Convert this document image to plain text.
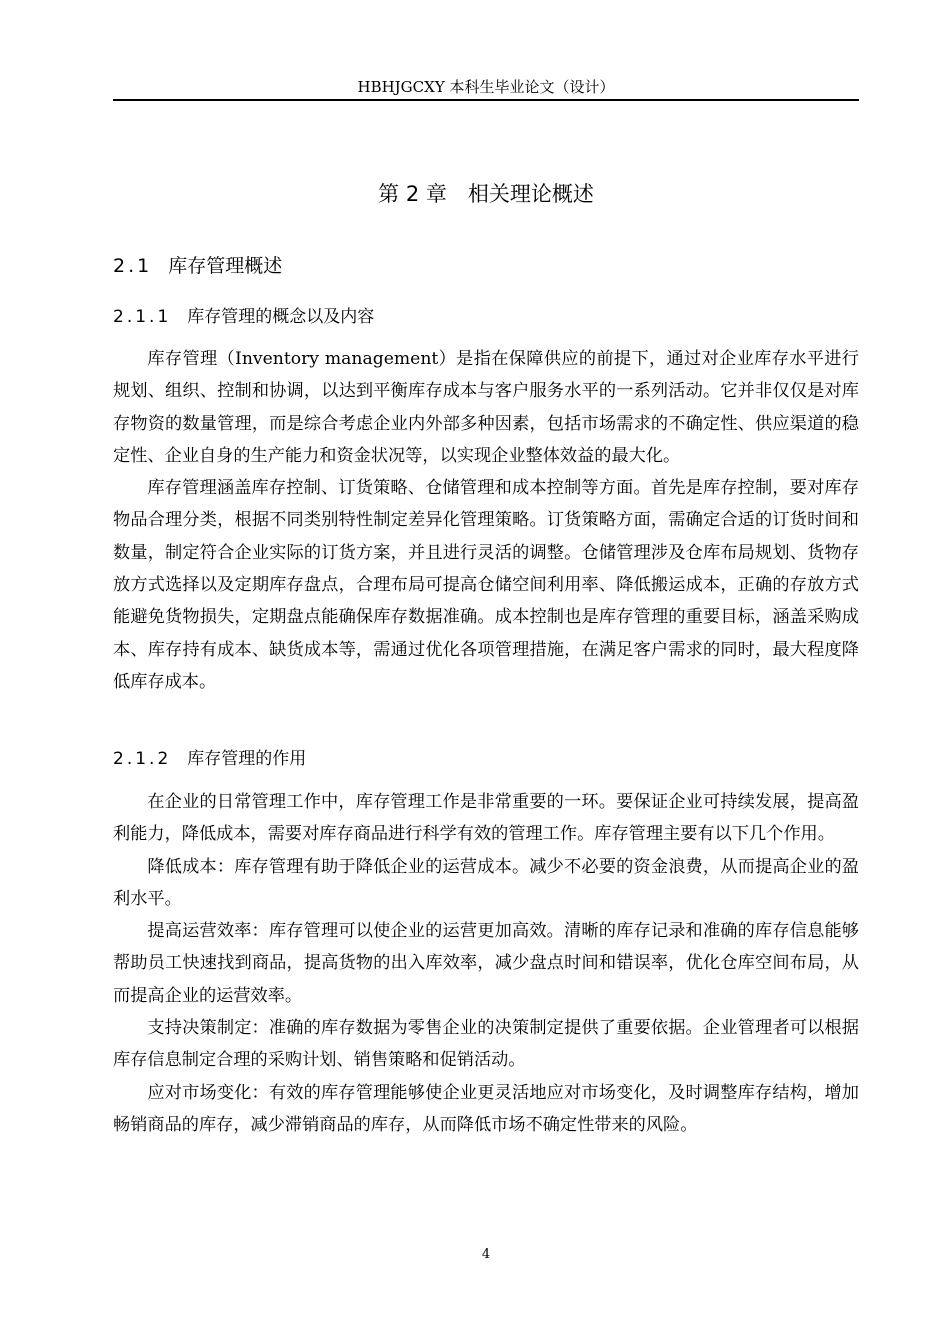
HBHJGCXY 本科生毕业论文（设计）
第 2 章　相关理论概述
2.1 库存管理概述
2.1.1 库存管理的概念以及内容

库存管理（Inventory management）是指在保障供应的前提下，通过对企业库存水平进行规划、组织、控制和协调，以达到平衡库存成本与客户服务水平的一系列活动。它并非仅仅是对库存物资的数量管理，而是综合考虑企业内外部多种因素，包括市场需求的不确定性、供应渠道的稳定性、企业自身的生产能力和资金状况等，以实现企业整体效益的最大化。

库存管理涵盖库存控制、订货策略、仓储管理和成本控制等方面。首先是库存控制，要对库存物品合理分类，根据不同类别特性制定差异化管理策略。订货策略方面，需确定合适的订货时间和数量，制定符合企业实际的订货方案，并且进行灵活的调整。仓储管理涉及仓库布局规划、货物存放方式选择以及定期库存盘点，合理布局可提高仓储空间利用率、降低搬运成本，正确的存放方式能避免货物损失，定期盘点能确保库存数据准确。成本控制也是库存管理的重要目标，涵盖采购成本、库存持有成本、缺货成本等，需通过优化各项管理措施，在满足客户需求的同时，最大程度降低库存成本。

2.1.2 库存管理的作用

在企业的日常管理工作中，库存管理工作是非常重要的一环。要保证企业可持续发展，提高盈利能力，降低成本，需要对库存商品进行科学有效的管理工作。库存管理主要有以下几个作用。

降低成本：库存管理有助于降低企业的运营成本。减少不必要的资金浪费，从而提高企业的盈利水平。

提高运营效率：库存管理可以使企业的运营更加高效。清晰的库存记录和准确的库存信息能够帮助员工快速找到商品，提高货物的出入库效率，减少盘点时间和错误率，优化仓库空间布局，从而提高企业的运营效率。

支持决策制定：准确的库存数据为零售企业的决策制定提供了重要依据。企业管理者可以根据库存信息制定合理的采购计划、销售策略和促销活动。

应对市场变化：有效的库存管理能够使企业更灵活地应对市场变化，及时调整库存结构，增加畅销商品的库存，减少滞销商品的库存，从而降低市场不确定性带来的风险。

4
